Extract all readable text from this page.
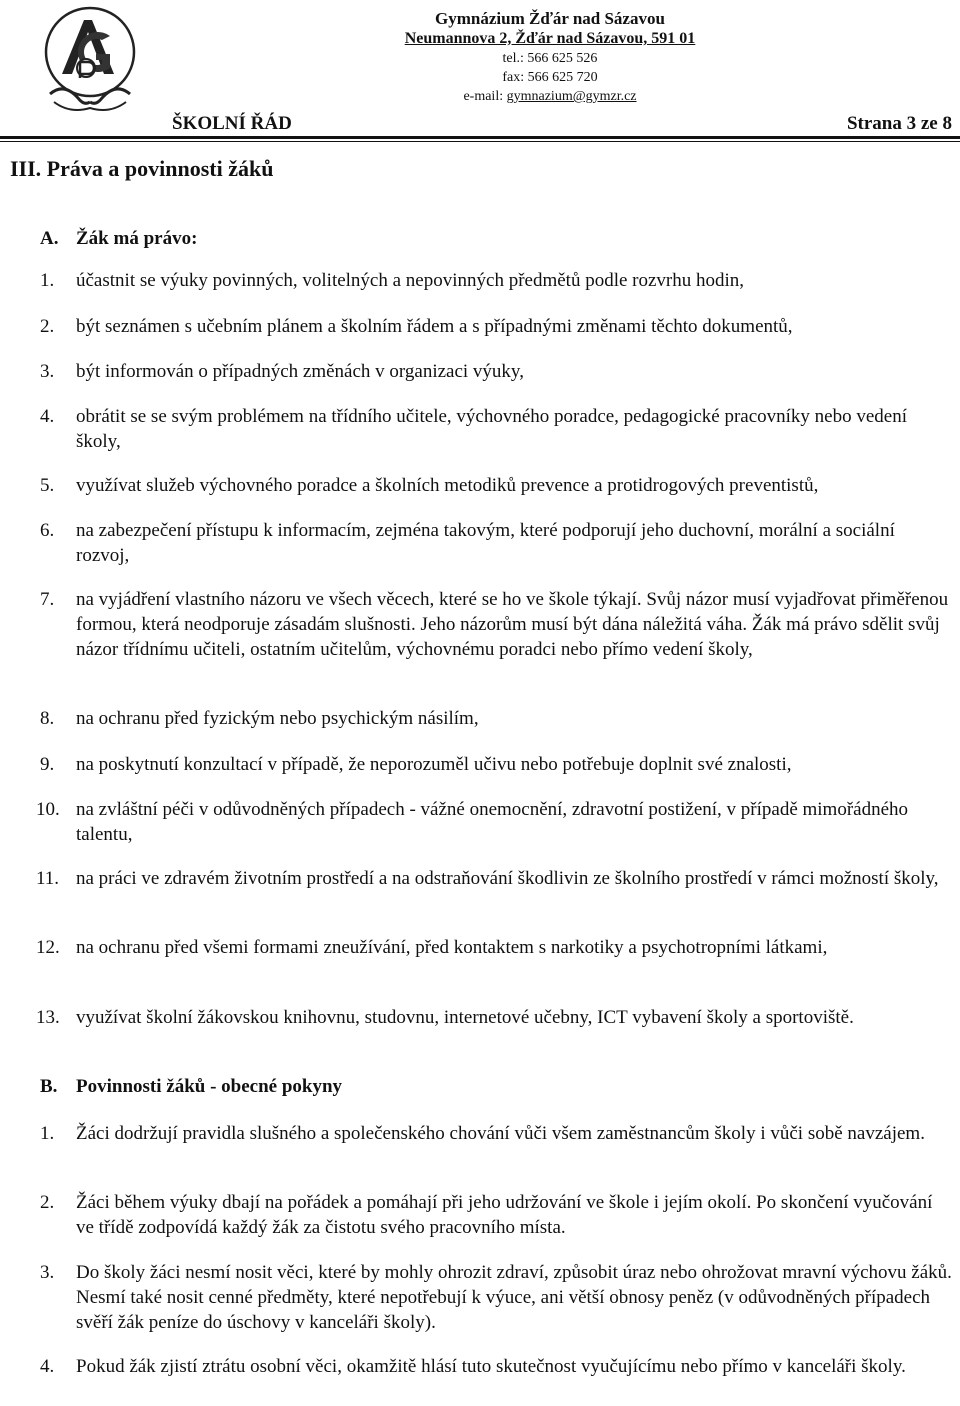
Gymnázium Žďár nad Sázavou
Neumannova 2, Žďár nad Sázavou, 591 01
tel.: 566 625 526
fax: 566 625 720
e-mail: gymnazium@gymzr.cz
ŠKOLNÍ ŘÁD	Strana 3 ze 8
III. Práva a povinnosti žáků
A. Žák má právo:
1. účastnit se výuky povinných, volitelných a nepovinných předmětů podle rozvrhu hodin,
2. být seznámen s učebním plánem a školním řádem a s případnými změnami těchto dokumentů,
3. být informován o případných změnách v organizaci výuky,
4. obrátit se se svým problémem na třídního učitele, výchovného poradce, pedagogické pracovníky nebo vedení školy,
5. využívat služeb výchovného poradce a školních metodiků prevence a protidrogových preventistů,
6. na zabezpečení přístupu k informacím, zejména takovým, které podporují jeho duchovní, morální a sociální rozvoj,
7. na vyjádření vlastního názoru ve všech věcech, které se ho ve škole týkají. Svůj názor musí vyjadřovat přiměřenou formou, která neodporuje zásadám slušnosti. Jeho názorům musí být dána náležitá váha. Žák má právo sdělit svůj názor třídnímu učiteli, ostatním učitelům, výchovnému poradci nebo přímo vedení školy,
8. na ochranu před fyzickým nebo psychickým násilím,
9. na poskytnutí konzultací v případě, že neporozuměl učivu nebo potřebuje doplnit své znalosti,
10. na zvláštní péči v odůvodněných případech - vážné onemocnění, zdravotní postižení, v případě mimořádného talentu,
11. na práci ve zdravém životním prostředí a na odstraňování škodlivin ze školního prostředí v rámci možností školy,
12. na ochranu před všemi formami zneužívání, před kontaktem s narkotiky a psychotropními látkami,
13. využívat školní žákovskou knihovnu, studovnu, internetové učebny, ICT vybavení školy a sportoviště.
B. Povinnosti žáků - obecné pokyny
1. Žáci dodržují pravidla slušného a společenského chování vůči všem zaměstnancům školy i vůči sobě navzájem.
2. Žáci během výuky dbají na pořádek a pomáhají při jeho udržování ve škole i jejím okolí. Po skončení vyučování ve třídě zodpovídá každý žák za čistotu svého pracovního místa.
3. Do školy žáci nesmí nosit věci, které by mohly ohrozit zdraví, způsobit úraz nebo ohrožovat mravní výchovu žáků. Nesmí také nosit cenné předměty, které nepotřebují k výuce, ani větší obnosy peněz (v odůvodněných případech svěří žák peníze do úschovy v kanceláři školy).
4. Pokud žák zjistí ztrátu osobní věci, okamžitě hlásí tuto skutečnost vyučujícímu nebo přímo v kanceláři školy.
